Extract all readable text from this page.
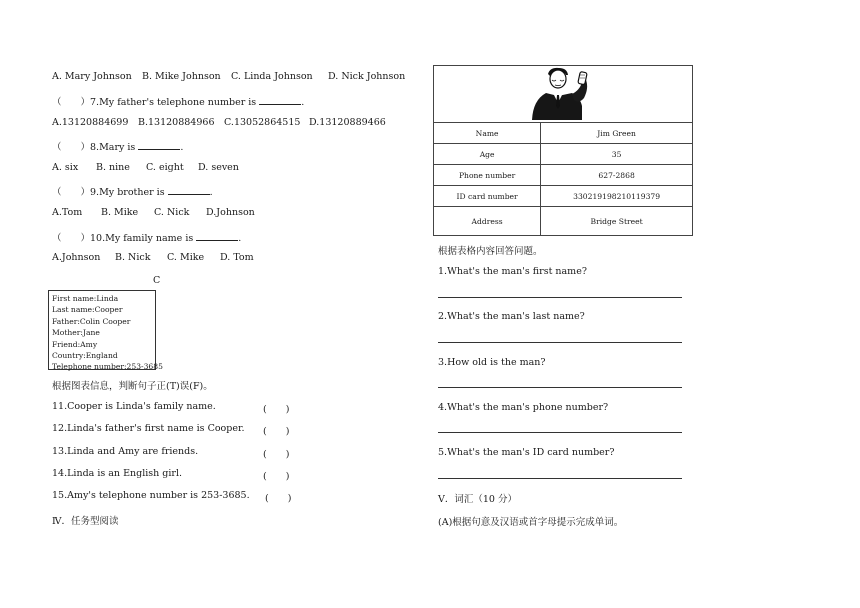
A. Mary Johnson B. Mike Johnson C. Linda Johnson D. Nick Johnson
（　　）7.My father's telephone number is	.
A.13120884699 B.13120884966 C.13052864515 D.13120889466
（　　）8.Mary is	.
A. six B. nine C. eight D. seven
（　　）9.My brother is	.
A.Tom B. Mike C. Nick D.Johnson
（　　）10.My family name is	.
A.Johnson B. Nick C. Mike D. Tom
C
First name:Linda
Last name:Cooper
Father:Colin Cooper
Mother:Jane
Friend:Amy
Country:England
Telephone number:253-3685
根据图表信息，判断句子正(T)误(F)。
11.Cooper is Linda's family name.	(　　)
12.Linda's father's first name is Cooper. (　　)
13.Linda and Amy are friends.	(　　)
14.Linda is an English girl.	(　　)
15.Amy's telephone number is 253-3685. (　　)
Ⅳ．任务型阅读

Name	Jim Green
Age	35
Phone number	627-2868
ID card number	330219198210119379
Address	Bridge Street
根据表格内容回答问题。
1.What's the man's first name?
2.What's the man's last name?
3.How old is the man?
4.What's the man's phone number?
5.What's the man's ID card number?
V．词汇（10 分）
(A)根据句意及汉语或首字母提示完成单词。
